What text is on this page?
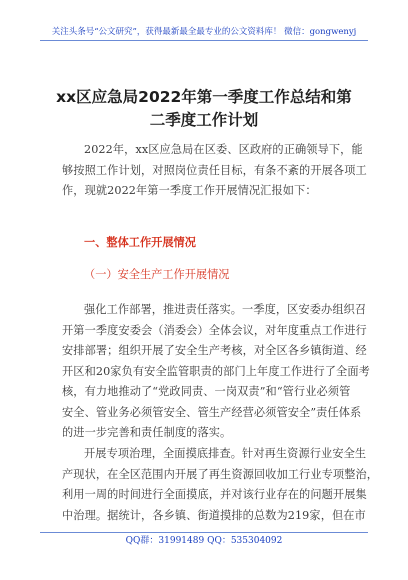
关注头条号“公文研究”，获得最新最全最专业的公文资料库！ 微信：gongwenyj
xx区应急局2022年第一季度工作总结和第
二季度工作计划
2022年，xx区应急局在区委、区政府的正确领导下，能
够按照工作计划，对照岗位责任目标，有条不紊的开展各项工
作，现就2022年第一季度工作开展情况汇报如下：
一、整体工作开展情况
（一）安全生产工作开展情况
强化工作部署，推进责任落实。一季度，区安委办组织召
开第一季度安委会（消委会）全体会议，对年度重点工作进行
安排部署；组织开展了安全生产考核，对全区各乡镇街道、经
开区和20家负有安全监管职责的部门上年度工作进行了全面考
核，有力地推动了“党政同责、一岗双责”和“管行业必须管
安全、管业务必须管安全、管生产经营必须管安全”责任体系
的进一步完善和责任制度的落实。
开展专项治理，全面摸底排查。针对再生资源行业安全生
产现状，在全区范围内开展了再生资源回收加工行业专项整治，
利用一周的时间进行全面摸底，并对该行业存在的问题开展集
中治理。据统计，各乡镇、街道摸排的总数为219家，但在市
QQ群：31991489 QQ：535304092
